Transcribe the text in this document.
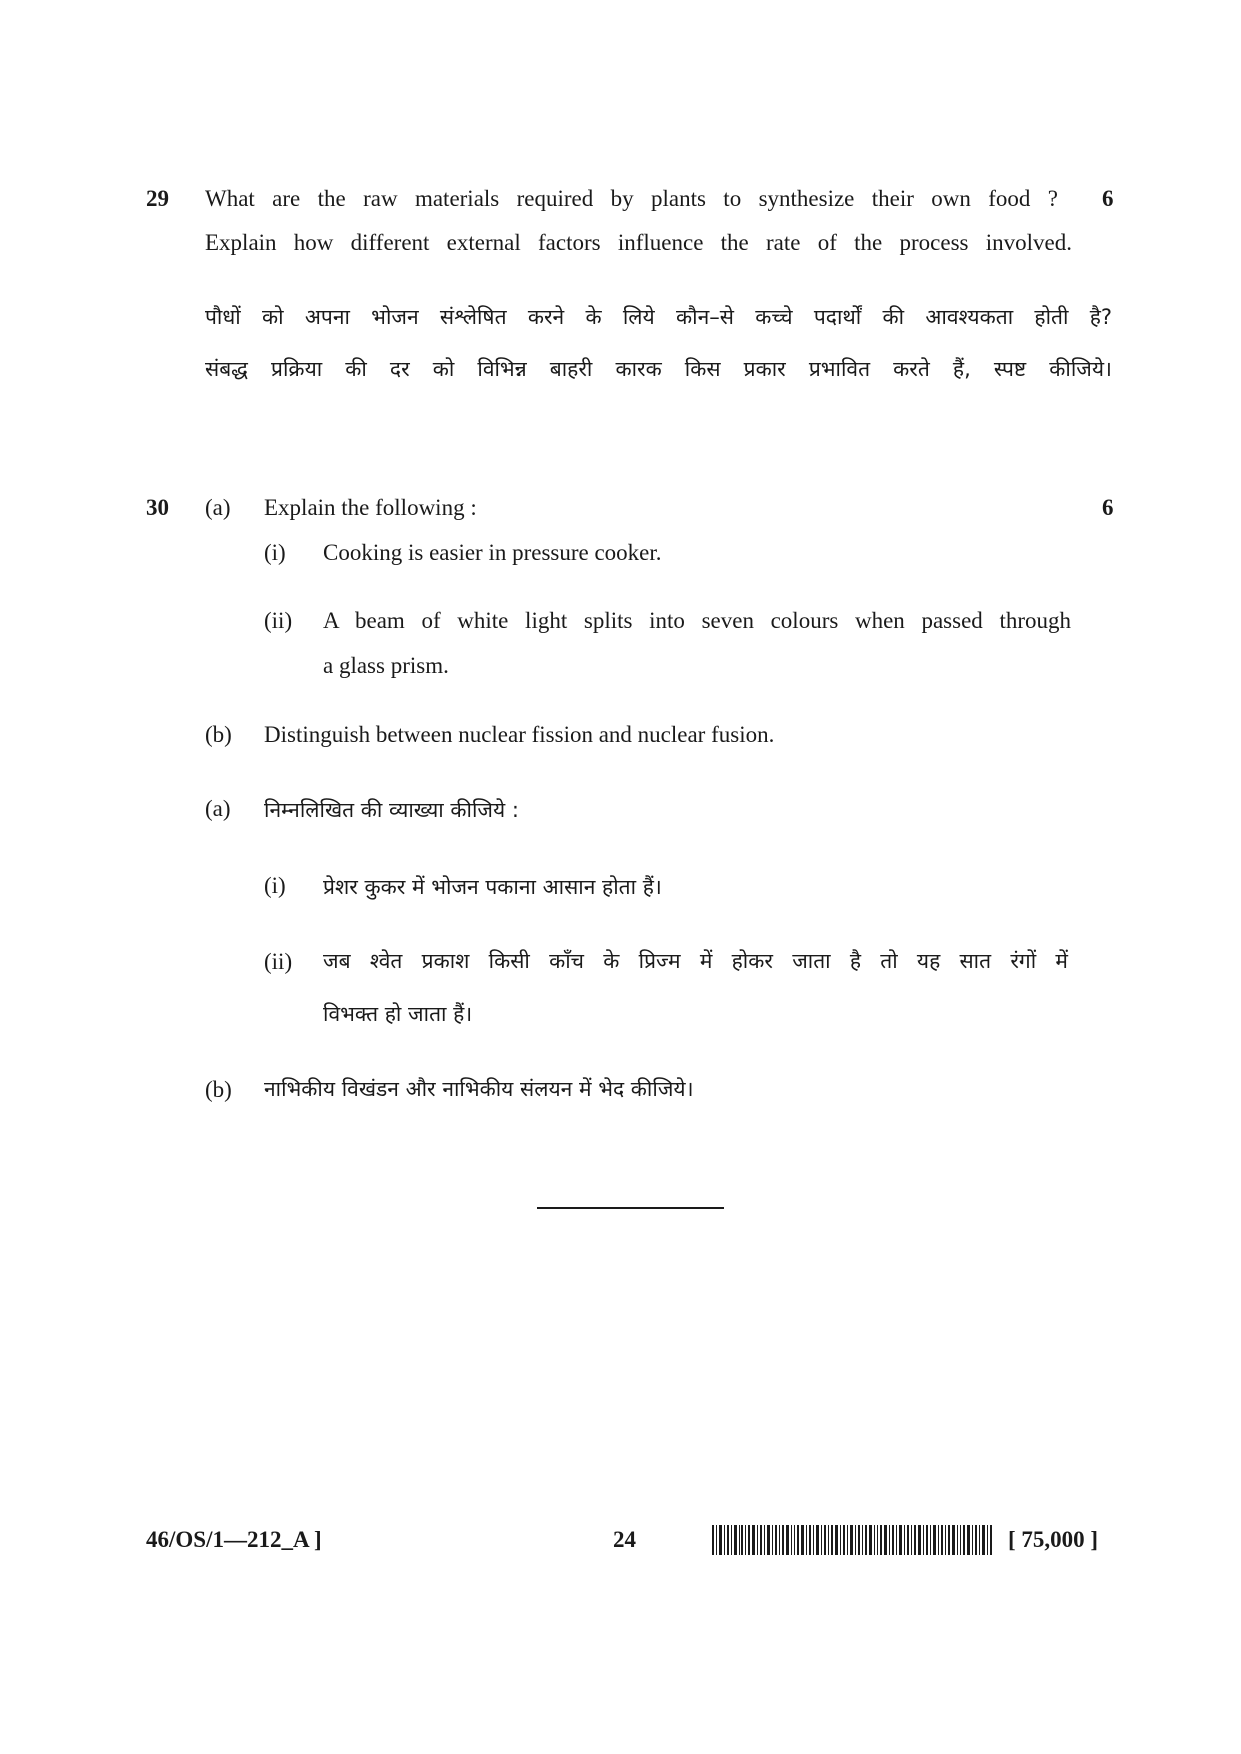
29	6
What are the raw materials required by plants to synthesize their own food ?
Explain how different external factors influence the rate of the process involved.
पौधों को अपना भोजन संश्लेषित करने के लिये कौन–से कच्चे पदार्थों की आवश्यकता होती है?
संबद्ध प्रक्रिया की दर को विभिन्न बाहरी कारक किस प्रकार प्रभावित करते हैं, स्पष्ट कीजिये।
30	6
(a) Explain the following :
(i) Cooking is easier in pressure cooker.
(ii) A beam of white light splits into seven colours when passed through
a glass prism.
(b) Distinguish between nuclear fission and nuclear fusion.
(a) निम्नलिखित की व्याख्या कीजिये :
(i) प्रेशर कुकर में भोजन पकाना आसान होता हैं।
(ii) जब श्वेत प्रकाश किसी काँच के प्रिज्म में होकर जाता है तो यह सात रंगों में
विभक्त हो जाता हैं।
(b) नाभिकीय विखंडन और नाभिकीय संलयन में भेद कीजिये।
46/OS/1—212_A ]	24	[ 75,000 ]
